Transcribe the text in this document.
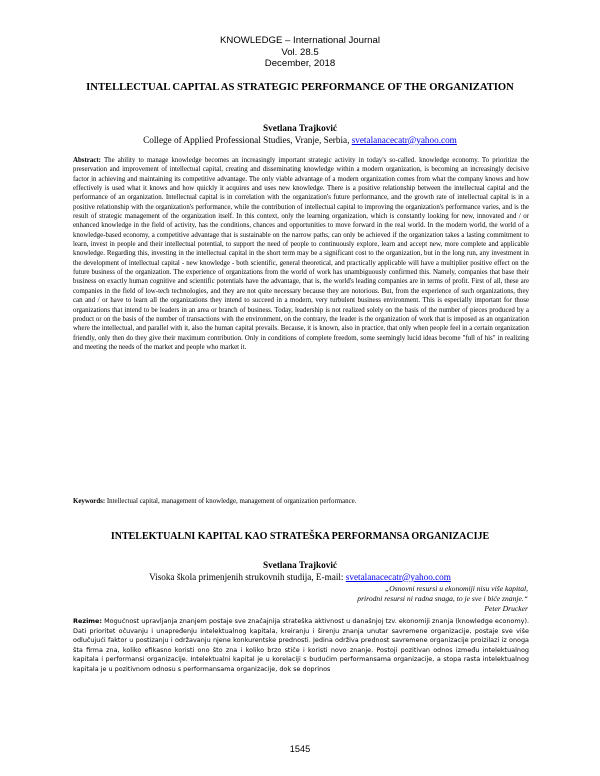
KNOWLEDGE – International Journal
Vol. 28.5
December, 2018
INTELLECTUAL CAPITAL AS STRATEGIC PERFORMANCE OF THE ORGANIZATION
Svetlana Trajković
College of Applied Professional Studies, Vranje, Serbia, svetalanacecatr@yahoo.com
Abstract: The ability to manage knowledge becomes an increasingly important strategic activity in today's so-called. knowledge economy. To prioritize the preservation and improvement of intellectual capital, creating and disseminating knowledge within a modern organization, is becoming an increasingly decisive factor in achieving and maintaining its competitive advantage. The only viable advantage of a modern organization comes from what the company knows and how effectively is used what it knows and how quickly it acquires and uses new knowledge. There is a positive relationship between the intellectual capital and the performance of an organization. Intellectual capital is in correlation with the organization's future performance, and the growth rate of intellectual capital is in a positive relationship with the organization's performance, while the contribution of intellectual capital to improving the organization's performance varies, and is the result of strategic management of the organization itself. In this context, only the learning organization, which is constantly looking for new, innovated and / or enhanced knowledge in the field of activity, has the conditions, chances and opportunities to move forward in the real world. In the modern world, the world of a knowledge-based economy, a competitive advantage that is sustainable on the narrow paths, can only be achieved if the organization takes a lasting commitment to learn, invest in people and their intellectual potential, to support the need of people to continuously explore, learn and accept new, more complete and applicable knowledge. Regarding this, investing in the intellectual capital in the short term may be a significant cost to the organization, but in the long run, any investment in the development of intellectual capital - new knowledge - both scientific, general theoretical, and practically applicable will have a multiplier positive effect on the future business of the organization. The experience of organizations from the world of work has unambiguously confirmed this. Namely, companies that base their business on exactly human cognitive and scientific potentials have the advantage, that is, the world's leading companies are in terms of profit. First of all, these are companies in the field of low-tech technologies, and they are not quite necessary because they are notorious. But, from the experience of such organizations, they can and / or have to learn all the organizations they intend to succeed in a modern, very turbulent business environment. This is especially important for those organizations that intend to be leaders in an area or branch of business. Today, leadership is not realized solely on the basis of the number of pieces produced by a product or on the basis of the number of transactions with the environment, on the contrary, the leader is the organization of work that is imposed as an organization where the intellectual, and parallel with it, also the human capital prevails. Because, it is known, also in practice, that only when people feel in a certain organization friendly, only then do they give their maximum contribution. Only in conditions of complete freedom, some seemingly lucid ideas become "full of his" in realizing and meeting the needs of the market and people who market it.
Keywords: Intellectual capital, management of knowledge, management of organization performance.
INTELEKTUALNI KAPITAL KAO STRATEŠKA PERFORMANSA ORGANIZACIJE
Svetlana Trajković
Visoka škola primenjenih strukovnih studija, E-mail: svetalanacecatr@yahoo.com
„Osnovni resursi u ekonomiji nisu više kapital,
prirodni resursi ni radna snaga, to je sve i biće znanje.“
Peter Drucker
Rezime: Mogućnost upravljanja znanjem postaje sve značajnija strateška aktivnost u današnjoj tzv. ekonomiji znanja (knowledge economy). Dati prioritet očuvanju i unapređenju intelektualnog kapitala, kreiranju i širenju znanja unutar savremene organizacije, postaje sve više odlučujući faktor u postizanju i održavanju njene konkurentske prednosti. Jedina održiva prednost savremene organizacije proizilazi iz onoga šta firma zna, koliko efikasno koristi ono što zna i koliko brzo stiče i koristi novo znanje. Postoji pozitivan odnos između intelektualnog kapitala i performansi organizacije. Intelektualni kapital je u korelaciji s budućim performansama organizacije, a stopa rasta intelektualnog kapitala je u pozitivnom odnosu s performansama organizacije, dok se doprinos
1545
